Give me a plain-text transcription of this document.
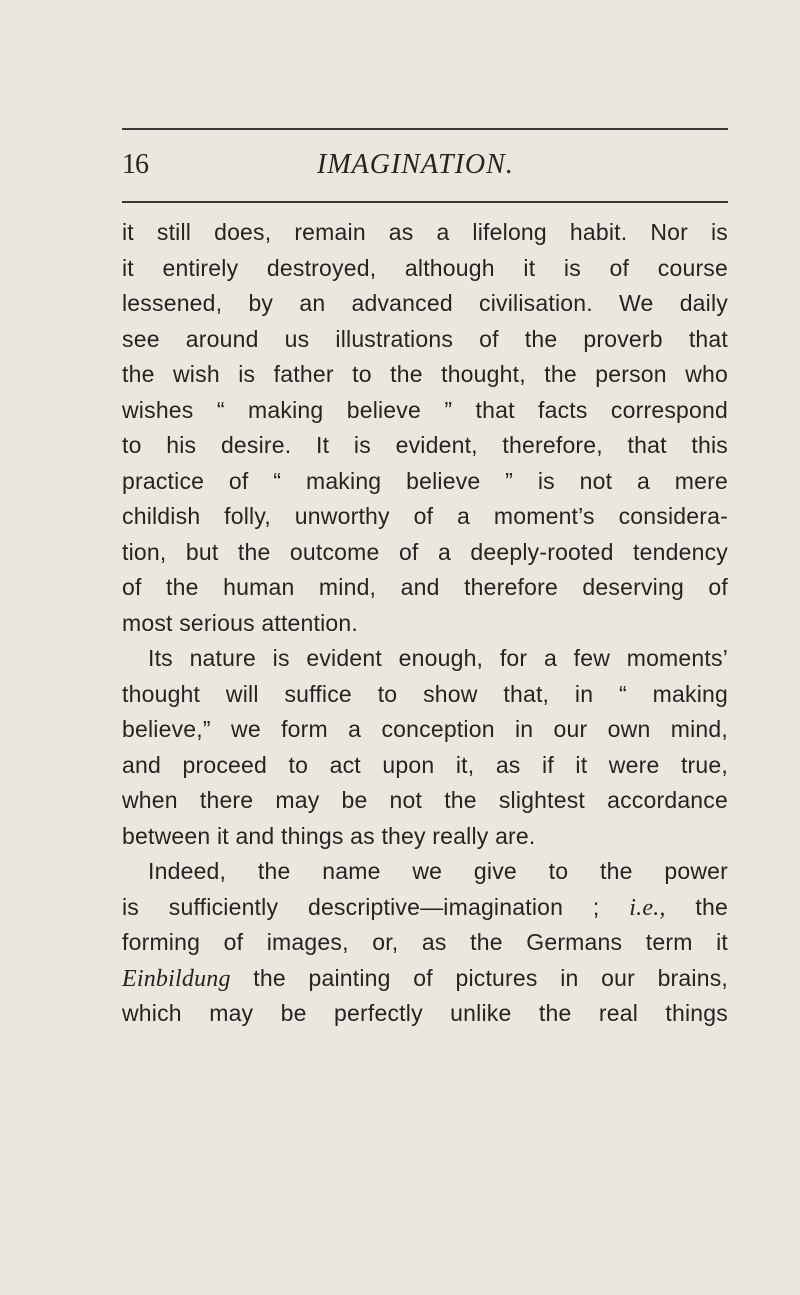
16	IMAGINATION.
it still does, remain as a lifelong habit. Nor is
it entirely destroyed, although it is of course
lessened, by an advanced civilisation. We daily
see around us illustrations of the proverb that
the wish is father to the thought, the person who
wishes “ making believe ” that facts correspond
to his desire. It is evident, therefore, that this
practice of “ making believe ” is not a mere
childish folly, unworthy of a moment’s considera-
tion, but the outcome of a deeply-rooted tendency
of the human mind, and therefore deserving of
most serious attention.
Its nature is evident enough, for a few moments’
thought will suffice to show that, in “ making
believe,” we form a conception in our own mind,
and proceed to act upon it, as if it were true,
when there may be not the slightest accordance
between it and things as they really are.
Indeed, the name we give to the power
is sufficiently descriptive—imagination ; i.e., the
forming of images, or, as the Germans term it
Einbildung the painting of pictures in our brains,
which may be perfectly unlike the real things
